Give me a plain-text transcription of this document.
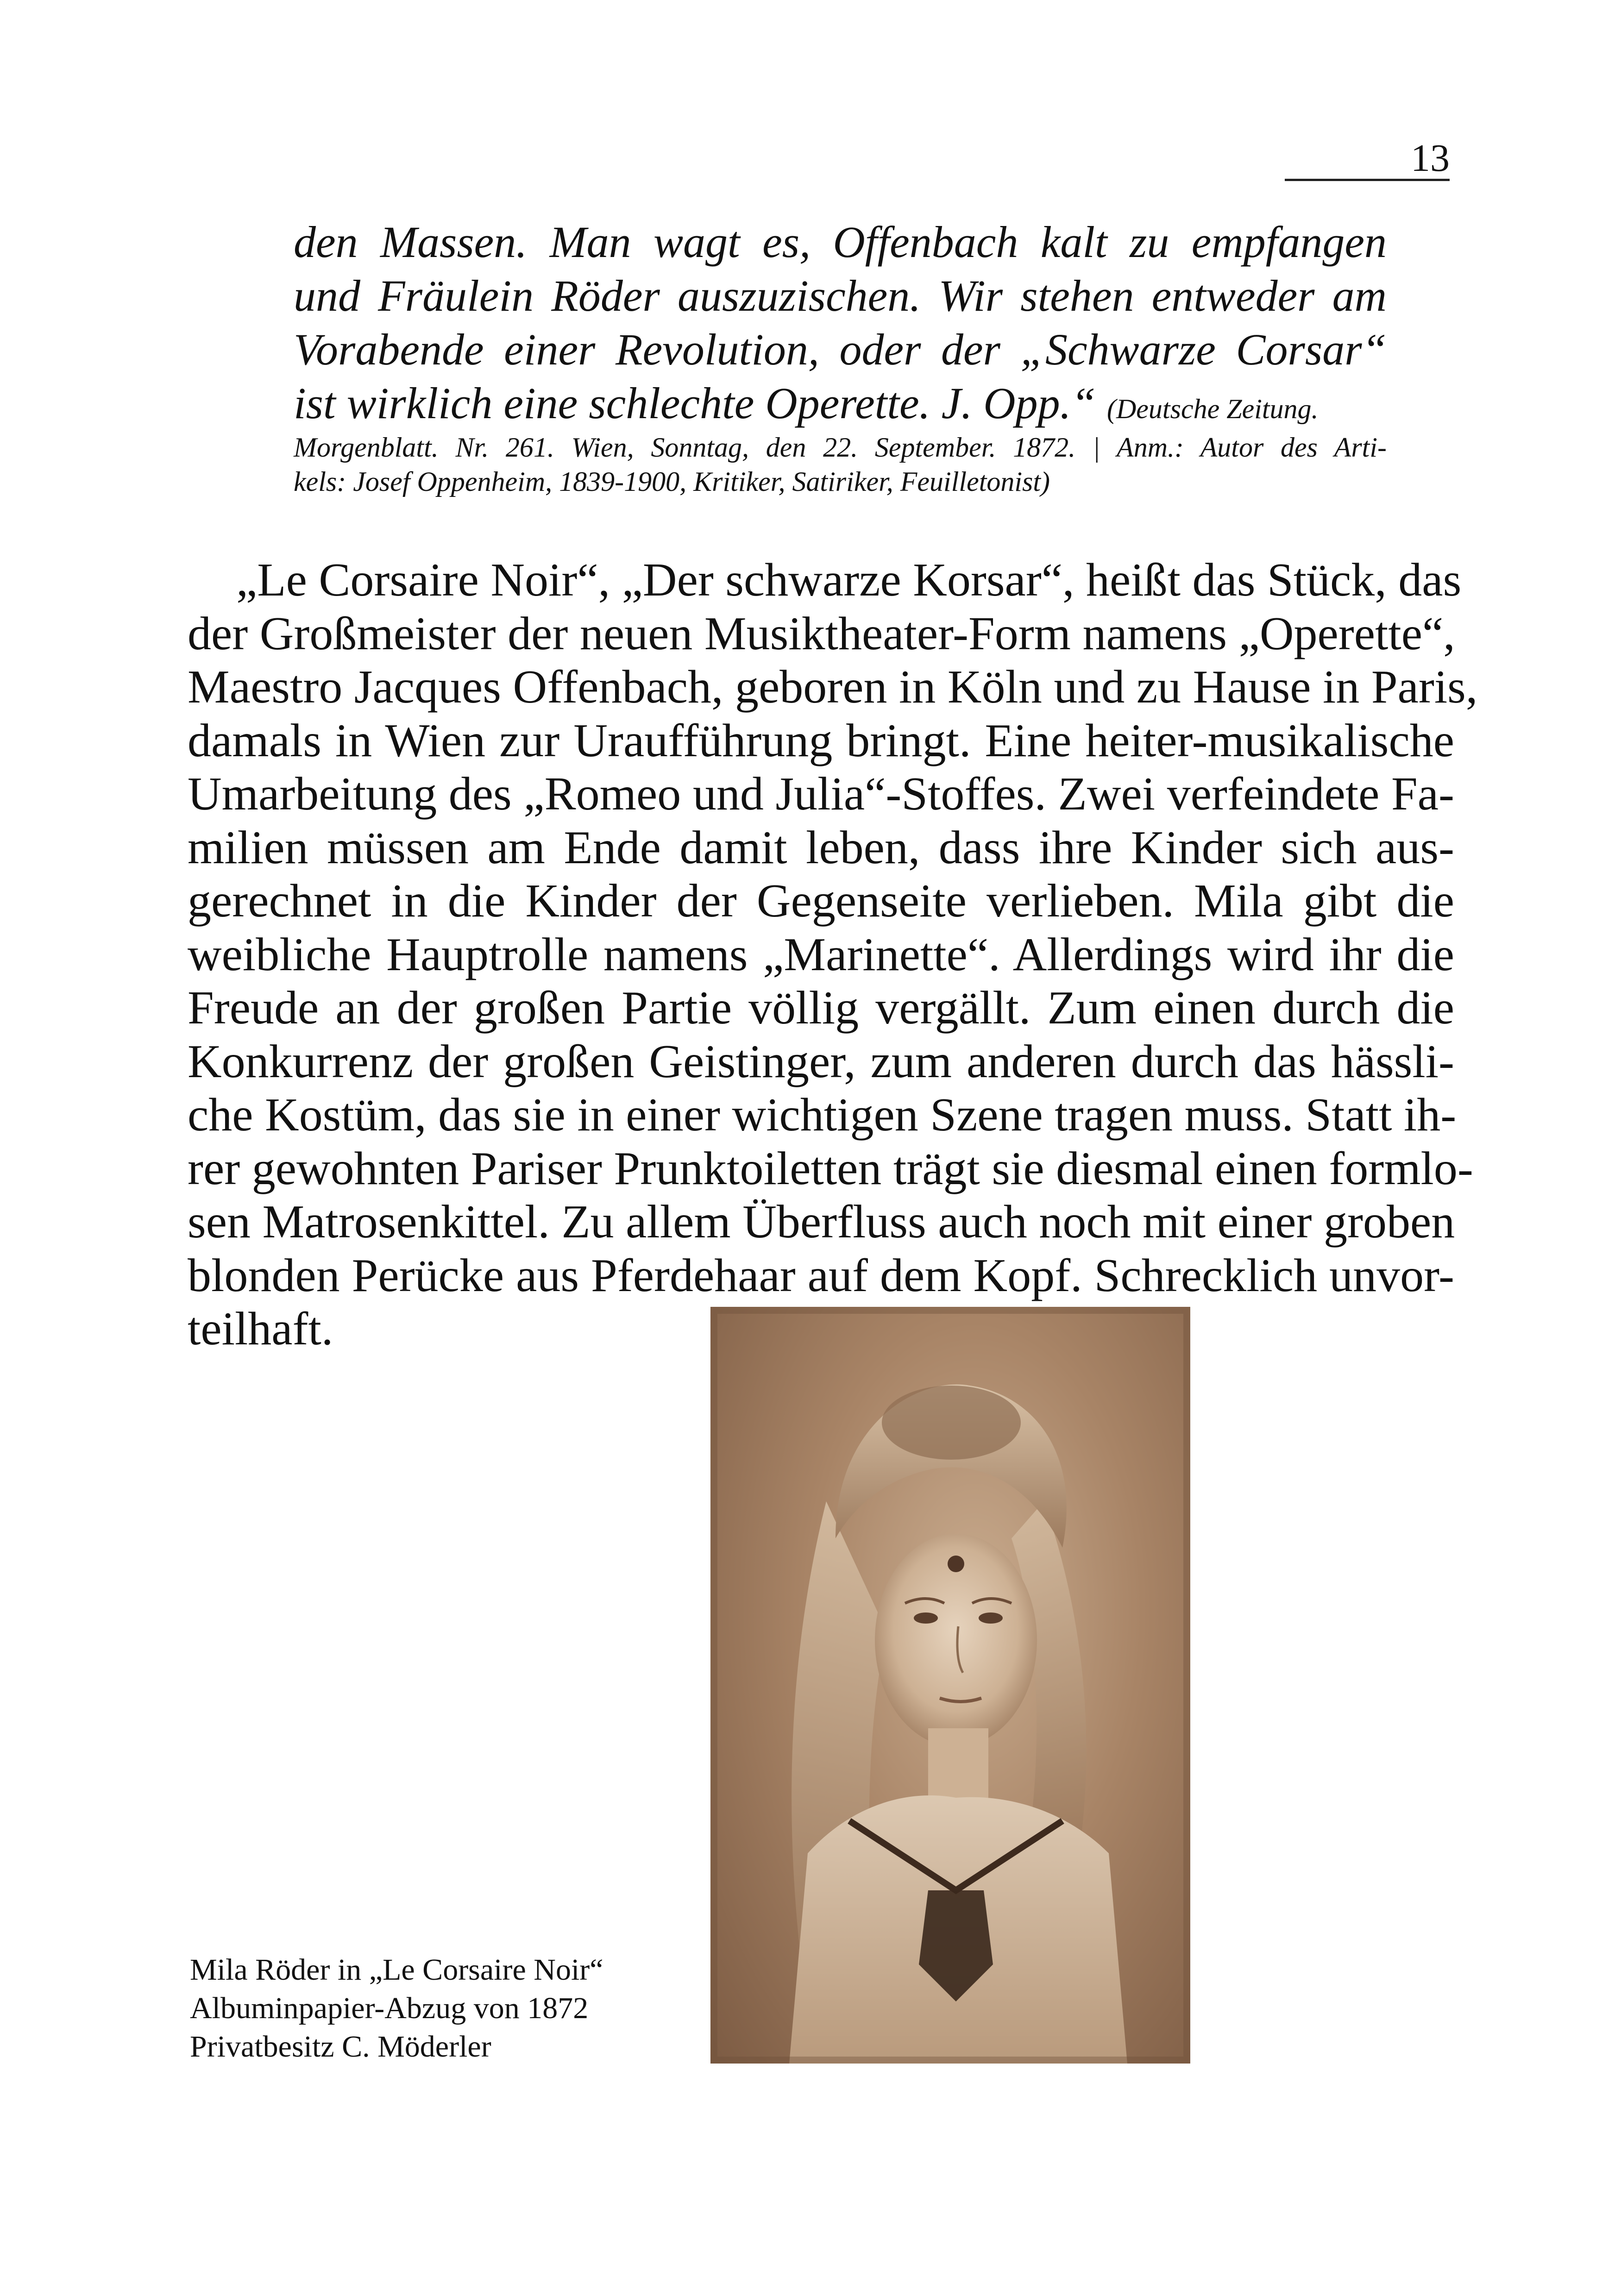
13
den Massen. Man wagt es, Offenbach kalt zu empfangen
und Fräulein Röder auszuzischen. Wir stehen entweder am
Vorabende einer Revolution, oder der „Schwarze Corsar“
ist wirklich eine schlechte Operette. J. Opp.“ (Deutsche Zeitung.
Morgenblatt. Nr. 261. Wien, Sonntag, den 22. September. 1872. | Anm.: Autor des Arti-
kels: Josef Oppenheim, 1839-1900, Kritiker, Satiriker, Feuilletonist)
„Le Corsaire Noir“, „Der schwarze Korsar“, heißt das Stück, das
der Großmeister der neuen Musiktheater-Form namens „Operette“,
Maestro Jacques Offenbach, geboren in Köln und zu Hause in Paris,
damals in Wien zur Uraufführung bringt. Eine heiter-musikalische
Umarbeitung des „Romeo und Julia“-Stoffes. Zwei verfeindete Fa-
milien müssen am Ende damit leben, dass ihre Kinder sich aus-
gerechnet in die Kinder der Gegenseite verlieben. Mila gibt die
weibliche Hauptrolle namens „Marinette“. Allerdings wird ihr die
Freude an der großen Partie völlig vergällt. Zum einen durch die
Konkurrenz der großen Geistinger, zum anderen durch das hässli-
che Kostüm, das sie in einer wichtigen Szene tragen muss. Statt ih-
rer gewohnten Pariser Prunktoiletten trägt sie diesmal einen formlo-
sen Matrosenkittel. Zu allem Überfluss auch noch mit einer groben
blonden Perücke aus Pferdehaar auf dem Kopf. Schrecklich unvor-
teilhaft.
Mila Röder in „Le Corsaire Noir“
Albuminpapier-Abzug von 1872
Privatbesitz C. Möderler
